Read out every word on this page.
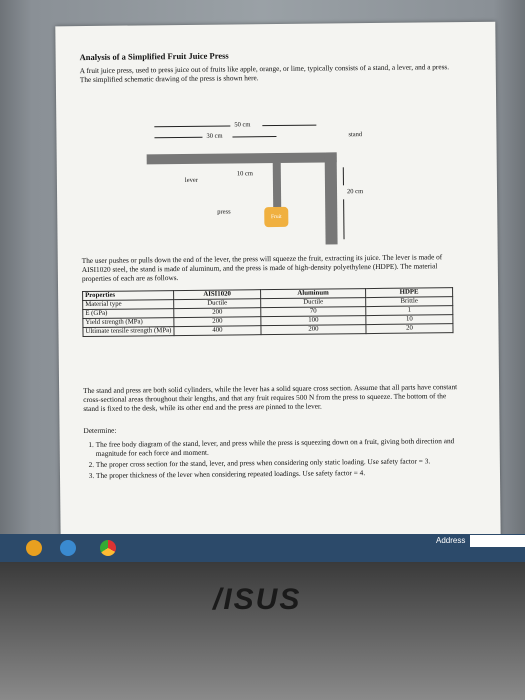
Analysis of a Simplified Fruit Juice Press
A fruit juice press, used to press juice out of fruits like apple, orange, or lime, typically consists of a stand, a lever, and a press. The simplified schematic drawing of the press is shown here.
50 cm
30 cm	stand
Fruit
10 cm
lever
20 cm
press
The user pushes or pulls down the end of the lever, the press will squeeze the fruit, extracting its juice. The lever is made of AISI1020 steel, the stand is made of aluminum, and the press is made of high-density polyethylene (HDPE). The material properties of each are as follows.
Properties	AISI1020	Aluminum	HDPE
Material type	Ductile	Ductile	Brittle
E (GPa)	200	70	1
Yield strength (MPa)	200	100	10
Ultimate tensile strength (MPa)	400	200	20
The stand and press are both solid cylinders, while the lever has a solid square cross section. Assume that all parts have constant cross-sectional areas throughout their lengths, and that any fruit requires 500 N from the press to squeeze. The bottom of the stand is fixed to the desk, while its other end and the press are pinned to the lever.
Determine:
1. The free body diagram of the stand, lever, and press while the press is squeezing down on a fruit, giving both direction and magnitude for each force and moment.
2. The proper cross section for the stand, lever, and press when considering only static loading. Use safety factor = 3.
3. The proper thickness of the lever when considering repeated loadings. Use safety factor = 4.
Address
/ISUS
